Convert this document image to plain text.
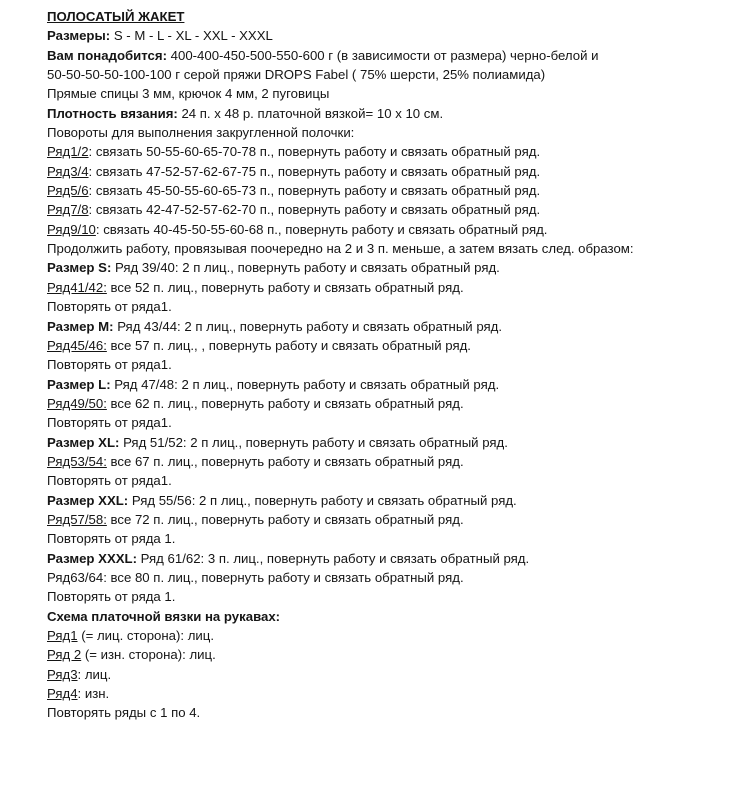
ПОЛОСАТЫЙ ЖАКЕТ
Размеры: S - M - L - XL - XXL - XXXL
Вам понадобится: 400-400-450-500-550-600 г (в зависимости от размера) черно-белой и
50-50-50-50-100-100 г серой пряжи DROPS Fabel ( 75% шерсти, 25% полиамида)
Прямые спицы 3 мм, крючок 4 мм, 2 пуговицы
Плотность вязания: 24 п. х 48 р. платочной вязкой= 10 х 10 см.
Повороты для выполнения закругленной полочки:
Ряд1/2: связать 50-55-60-65-70-78 п., повернуть работу и связать обратный ряд.
Ряд3/4: связать 47-52-57-62-67-75 п., повернуть работу и связать обратный ряд.
Ряд5/6: связать 45-50-55-60-65-73 п., повернуть работу и связать обратный ряд.
Ряд7/8: связать 42-47-52-57-62-70 п., повернуть работу и связать обратный ряд.
Ряд9/10: связать 40-45-50-55-60-68 п., повернуть работу и связать обратный ряд.
Продолжить работу, провязывая поочередно на 2 и 3 п. меньше, а затем вязать след. образом:
Размер S: Ряд 39/40: 2 п лиц., повернуть работу и связать обратный ряд.
Ряд41/42: все 52 п. лиц., повернуть работу и связать обратный ряд.
Повторять от ряда1.
Размер M: Ряд 43/44: 2 п лиц., повернуть работу и связать обратный ряд.
Ряд45/46: все 57 п. лиц., , повернуть работу и связать обратный ряд.
Повторять от ряда1.
Размер L: Ряд 47/48: 2 п лиц., повернуть работу и связать обратный ряд.
Ряд49/50: все 62 п. лиц., повернуть работу и связать обратный ряд.
Повторять от ряда1.
Размер XL: Ряд 51/52: 2 п лиц., повернуть работу и связать обратный ряд.
Ряд53/54: все 67 п. лиц., повернуть работу и связать обратный ряд.
Повторять от ряда1.
Размер XXL: Ряд 55/56: 2 п лиц., повернуть работу и связать обратный ряд.
Ряд57/58: все 72 п. лиц., повернуть работу и связать обратный ряд.
Повторять от ряда 1.
Размер XXXL: Ряд 61/62: 3 п. лиц., повернуть работу и связать обратный ряд.
Ряд63/64: все 80 п. лиц., повернуть работу и связать обратный ряд.
Повторять от ряда 1.
Схема платочной вязки на рукавах:
Ряд1 (= лиц. сторона): лиц.
Ряд 2 (= изн. сторона): лиц.
Ряд3: лиц.
Ряд4: изн.
Повторять ряды с 1 по 4.
